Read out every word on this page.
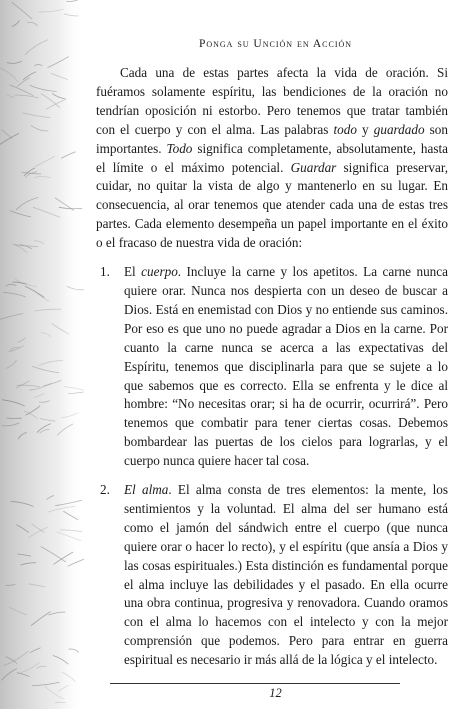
Ponga su Unción en Acción

Cada una de estas partes afecta la vida de oración. Si fuéramos solamente espíritu, las bendiciones de la oración no tendrían oposición ni estorbo. Pero tenemos que tratar también con el cuerpo y con el alma. Las palabras todo y guardado son importantes. Todo significa completamente, absolutamente, hasta el límite o el máximo potencial. Guardar significa preservar, cuidar, no quitar la vista de algo y mantenerlo en su lugar. En consecuencia, al orar tenemos que atender cada una de estas tres partes. Cada elemento desempeña un papel importante en el éxito o el fracaso de nuestra vida de oración:

1. El cuerpo. Incluye la carne y los apetitos. La carne nunca quiere orar. Nunca nos despierta con un deseo de buscar a Dios. Está en enemistad con Dios y no entiende sus caminos. Por eso es que uno no puede agradar a Dios en la carne. Por cuanto la carne nunca se acerca a las expectativas del Espíritu, tenemos que disciplinarla para que se sujete a lo que sabemos que es correcto. Ella se enfrenta y le dice al hombre: “No necesitas orar; si ha de ocurrir, ocurrirá”. Pero tenemos que combatir para tener ciertas cosas. Debemos bombardear las puertas de los cielos para lograrlas, y el cuerpo nunca quiere hacer tal cosa.
2. El alma. El alma consta de tres elementos: la mente, los sentimientos y la voluntad. El alma del ser humano está como el jamón del sándwich entre el cuerpo (que nunca quiere orar o hacer lo recto), y el espíritu (que ansía a Dios y las cosas espirituales.) Esta distinción es fundamental porque el alma incluye las debilidades y el pasado. En ella ocurre una obra continua, progresiva y renovadora. Cuando oramos con el alma lo hacemos con el intelecto y con la mejor comprensión que podemos. Pero para entrar en guerra espiritual es necesario ir más allá de la lógica y el intelecto.
12
